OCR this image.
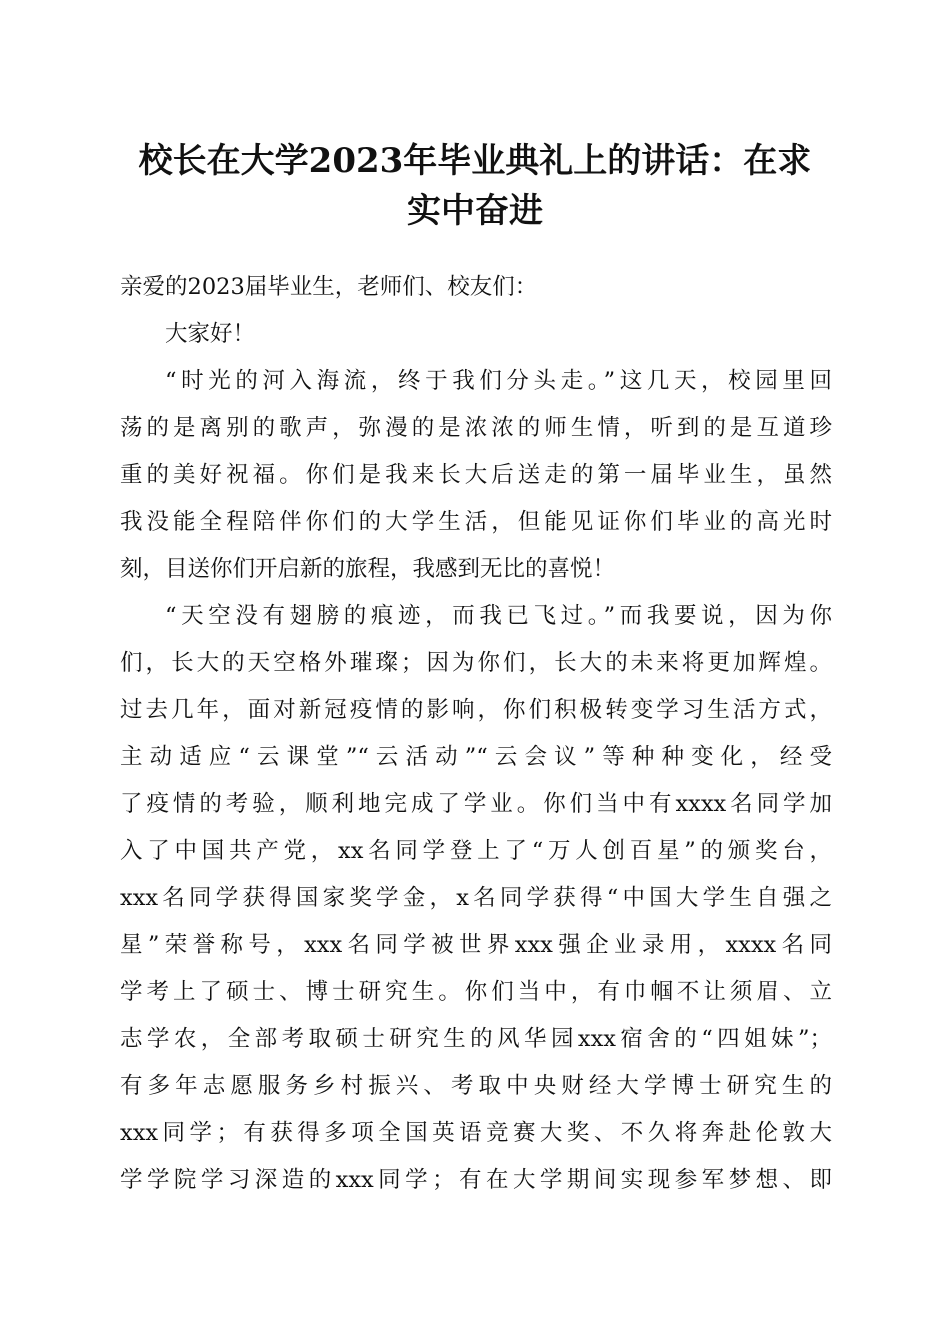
校长在大学2023年毕业典礼上的讲话：在求
实中奋进

亲爱的2023届毕业生，老师们、校友们：

大家好！

“时光的河入海流，终于我们分头走。”这几天，校园里回

荡的是离别的歌声，弥漫的是浓浓的师生情，听到的是互道珍

重的美好祝福。你们是我来长大后送走的第一届毕业生，虽然

我没能全程陪伴你们的大学生活，但能见证你们毕业的高光时

刻，目送你们开启新的旅程，我感到无比的喜悦！

“天空没有翅膀的痕迹，而我已飞过。”而我要说，因为你

们，长大的天空格外璀璨；因为你们，长大的未来将更加辉煌。

过去几年，面对新冠疫情的影响，你们积极转变学习生活方式，

主动适应“云课堂”“云活动”“云会议”等种种变化，经受

了疫情的考验，顺利地完成了学业。你们当中有xxxx名同学加

入了中国共产党，xx名同学登上了“万人创百星”的颁奖台，

xxx名同学获得国家奖学金，x名同学获得“中国大学生自强之

星”荣誉称号，xxx名同学被世界xxx强企业录用，xxxx名同

学考上了硕士、博士研究生。你们当中，有巾帼不让须眉、立

志学农，全部考取硕士研究生的风华园xxx宿舍的“四姐妹”；

有多年志愿服务乡村振兴、考取中央财经大学博士研究生的

xxx同学；有获得多项全国英语竞赛大奖、不久将奔赴伦敦大

学学院学习深造的xxx同学；有在大学期间实现参军梦想、即
